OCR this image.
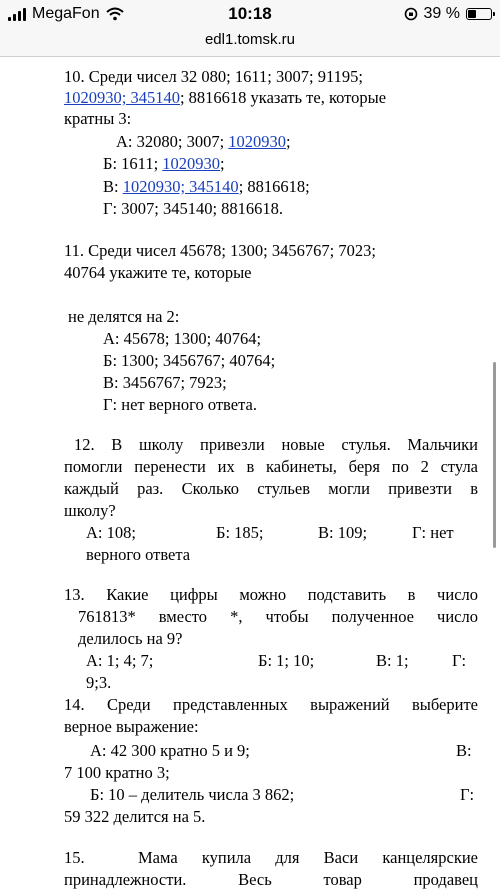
MegaFon	10:18	39 %
edl1.tomsk.ru
10. Среди чисел 32 080; 1611; 3007; 91195;
1020930; 345140; 8816618 указать те, которые
кратны 3:
А: 32080; 3007; 1020930;
Б: 1611; 1020930;
В: 1020930; 345140; 8816618;
Г: 3007; 345140; 8816618.
11. Среди чисел 45678; 1300; 3456767; 7023;
40764 укажите те, которые
не делятся на 2:
А: 45678; 1300; 40764;
Б: 1300; 3456767; 40764;
В: 3456767; 7923;
Г: нет верного ответа.
12. В школу привезли новые стулья. Мальчики
помогли перенести их в кабинеты, беря по 2 стула
каждый раз. Сколько стульев могли привезти в
школу?
А: 108;	Б: 185;	В: 109;	Г: нет
верного ответа
13. Какие цифры можно подставить в число
761813* вместо *, чтобы полученное число
делилось на 9?
А: 1; 4; 7;	Б: 1; 10;	В: 1;	Г:
9;3.
14. Среди представленных выражений выберите
верное выражение:
А: 42 300 кратно 5 и 9;	В:
7 100 кратно 3;
Б: 10 – делитель числа 3 862;	Г:
59 322 делится на 5.
15.	Мама купила для Васи канцелярские
принадлежности. Весь товар продавец
